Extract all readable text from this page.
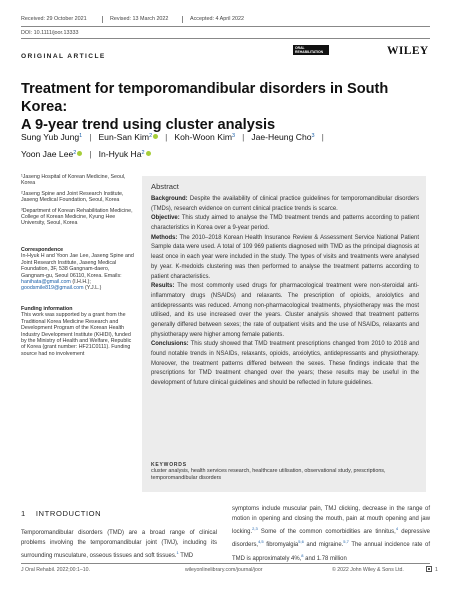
Received: 29 October 2021	Revised: 13 March 2022	Accepted: 4 April 2022
DOI: 10.1111/joor.13333
ORAL
REHABILITATION	WILEY
ORIGINAL ARTICLE
Treatment for temporomandibular disorders in South Korea:
A 9-year trend using cluster analysis
Sung Yub Jung$^1$ | Eun-San Kim$^2$ | Koh-Woon Kim$^3$ | Jae-Heung Cho$^3$ |
Yoon Jae Lee$^2$ | In-Hyuk Ha$^2$

¹Jaseng Hospital of Korean Medicine, Seoul, Korea

²Jaseng Spine and Joint Research Institute, Jaseng Medical Foundation, Seoul, Korea

³Department of Korean Rehabilitation Medicine, College of Korean Medicine, Kyung Hee University, Seoul, Korea

Correspondence

In-Hyuk H and Yoon Jae Lee, Jaseng Spine and Joint Research Institute, Jaseng Medical Foundation, 3F, 538 Gangnam-daero, Gangnam-gu, Seoul 06110, Korea. Emails: hanihata@gmail.com (I.H.H.); goodsmile819@gmail.com (Y.J.L.)

Funding information

This work was supported by a grant from the Traditional Korea Medicine Research and Development Program of the Korean Health Industry Development Institute (KHIDI), funded by the Ministry of Health and Welfare, Republic of Korea (grant number: HF21C0111). Funding source had no involvement

Abstract

Background: Despite the availability of clinical practice guidelines for temporomandibular disorders (TMDs), research evidence on current clinical practice trends is scarce.

Objective: This study aimed to analyse the TMD treatment trends and patterns according to patient characteristics in Korea over a 9-year period.

Methods: The 2010–2018 Korean Health Insurance Review & Assessment Service National Patient Sample data were used. A total of 109 969 patients diagnosed with TMD as the principal diagnosis at least once in each year were included in the study. The types of visits and treatments were analysed by year. K-medoids clustering was then performed to analyse the treatment patterns according to patient characteristics.

Results: The most commonly used drugs for pharmacological treatment were non-steroidal anti-inflammatory drugs (NSAIDs) and relaxants. The prescription of opioids, anxiolytics and antidepressants was reduced. Among non-pharmacological treatments, physiotherapy was the most utilised, and its use increased over the years. Cluster analysis showed that treatment patterns generally differed between sexes; the rate of outpatient visits and the use of NSAIDs, relaxants and physiotherapy were higher among female patients.

Conclusions: This study showed that TMD treatment prescriptions changed from 2010 to 2018 and found notable trends in NSAIDs, relaxants, opioids, anxiolytics, antidepressants and physiotherapy. Moreover, the treatment patterns differed between the sexes. These findings indicate that the prescriptions for TMD treatment changed over the years; these results may be useful in the development of future clinical guidelines and should be reflected in future guidelines.

KEYWORDS
cluster analysis, health services research, healthcare utilisation, observational study, prescriptions, temporomandibular disorders
1 INTRODUCTION
Temporomandibular disorders (TMD) are a broad range of clinical problems involving the temporomandibular joint (TMJ), including its surrounding musculature, osseous tissues and soft tissues.$^1$ TMD
symptoms include muscular pain, TMJ clicking, decrease in the range of motion in opening and closing the mouth, pain at mouth opening and jaw locking.$^{2,3}$ Some of the common comorbidities are tinnitus,$^4$ depressive disorders,$^{4,5}$ fibromyalgia$^{5,6}$ and migraine.$^{5,7}$ The annual incidence rate of TMD is approximately 4%,$^8$ and 1.78 million
J Oral Rehabil. 2022;00:1–10.	wileyonlinelibrary.com/journal/joor	© 2022 John Wiley & Sons Ltd.	1
